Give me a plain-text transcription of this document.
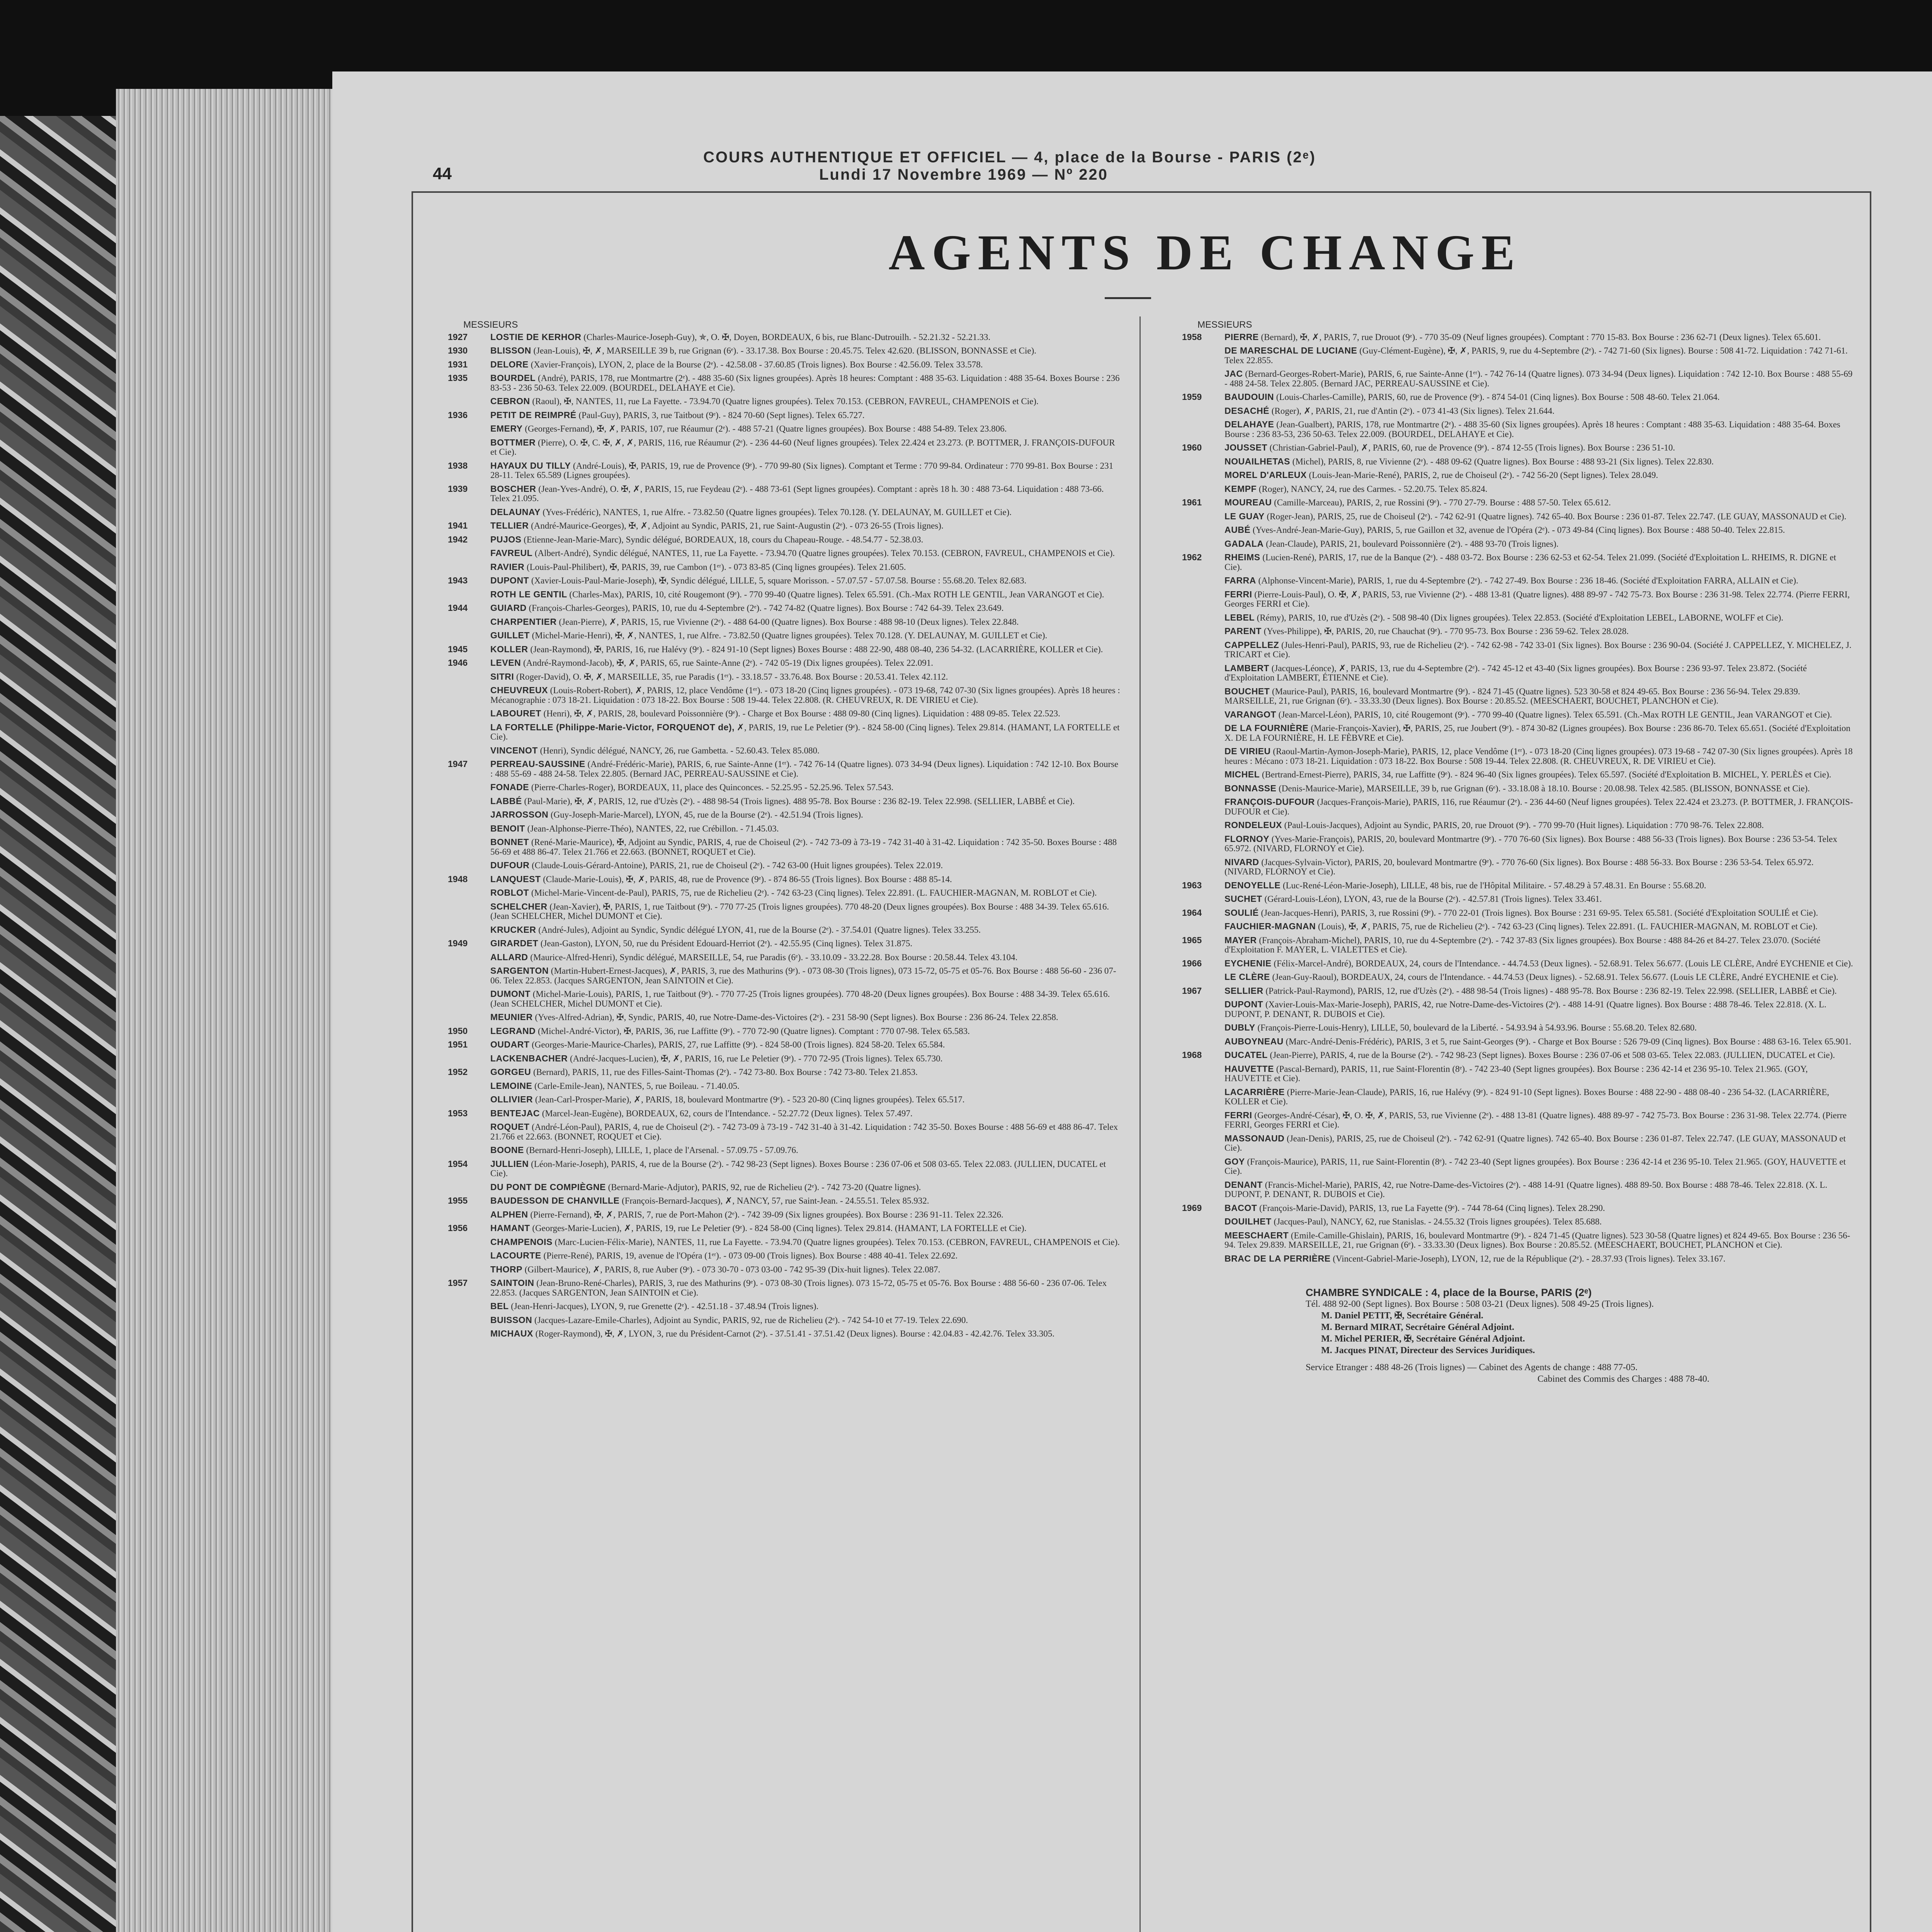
44
COURS AUTHENTIQUE ET OFFICIEL — 4, place de la Bourse - PARIS (2ᵉ)
Lundi 17 Novembre 1969 — Nº 220
AGENTS DE CHANGE
MESSIEURS
1927	LOSTIE DE KERHOR (Charles-Maurice-Joseph-Guy), ✯, O. ✠, Doyen, BORDEAUX, 6 bis, rue Blanc-Dutrouilh. - 52.21.32 - 52.21.33.
1930	BLISSON (Jean-Louis), ✠, ✗, MARSEILLE 39 b, rue Grignan (6ᵉ). - 33.17.38. Box Bourse : 20.45.75. Telex 42.620. (BLISSON, BONNASSE et Cie).
1931	DELORE (Xavier-François), LYON, 2, place de la Bourse (2ᵉ). - 42.58.08 - 37.60.85 (Trois lignes). Box Bourse : 42.56.09. Telex 33.578.
1935	BOURDEL (André), PARIS, 178, rue Montmartre (2ᵉ). - 488 35-60 (Six lignes groupées). Après 18 heures: Comptant : 488 35-63. Liquidation : 488 35-64. Boxes Bourse : 236 83-53 - 236 50-63. Telex 22.009. (BOURDEL, DELAHAYE et Cie).
CEBRON (Raoul), ✠, NANTES, 11, rue La Fayette. - 73.94.70 (Quatre lignes groupées). Telex 70.153. (CEBRON, FAVREUL, CHAMPENOIS et Cie).
1936	PETIT DE REIMPRÉ (Paul-Guy), PARIS, 3, rue Taitbout (9ᵉ). - 824 70-60 (Sept lignes). Telex 65.727.
EMERY (Georges-Fernand), ✠, ✗, PARIS, 107, rue Réaumur (2ᵉ). - 488 57-21 (Quatre lignes groupées). Box Bourse : 488 54-89. Telex 23.806.
BOTTMER (Pierre), O. ✠, C. ✠, ✗, ✗, PARIS, 116, rue Réaumur (2ᵉ). - 236 44-60 (Neuf lignes groupées). Telex 22.424 et 23.273. (P. BOTTMER, J. FRANÇOIS-DUFOUR et Cie).
1938	HAYAUX DU TILLY (André-Louis), ✠, PARIS, 19, rue de Provence (9ᵉ). - 770 99-80 (Six lignes). Comptant et Terme : 770 99-84. Ordinateur : 770 99-81. Box Bourse : 231 28-11. Telex 65.589 (Lignes groupées).
1939	BOSCHER (Jean-Yves-André), O. ✠, ✗, PARIS, 15, rue Feydeau (2ᵉ). - 488 73-61 (Sept lignes groupées). Comptant : après 18 h. 30 : 488 73-64. Liquidation : 488 73-66. Telex 21.095.
DELAUNAY (Yves-Frédéric), NANTES, 1, rue Alfre. - 73.82.50 (Quatre lignes groupées). Telex 70.128. (Y. DELAUNAY, M. GUILLET et Cie).
1941	TELLIER (André-Maurice-Georges), ✠, ✗, Adjoint au Syndic, PARIS, 21, rue Saint-Augustin (2ᵉ). - 073 26-55 (Trois lignes).
1942	PUJOS (Etienne-Jean-Marie-Marc), Syndic délégué, BORDEAUX, 18, cours du Chapeau-Rouge. - 48.54.77 - 52.38.03.
FAVREUL (Albert-André), Syndic délégué, NANTES, 11, rue La Fayette. - 73.94.70 (Quatre lignes groupées). Telex 70.153. (CEBRON, FAVREUL, CHAMPENOIS et Cie).
RAVIER (Louis-Paul-Philibert), ✠, PARIS, 39, rue Cambon (1ᵉʳ). - 073 83-85 (Cinq lignes groupées). Telex 21.605.
1943	DUPONT (Xavier-Louis-Paul-Marie-Joseph), ✠, Syndic délégué, LILLE, 5, square Morisson. - 57.07.57 - 57.07.58. Bourse : 55.68.20. Telex 82.683.
ROTH LE GENTIL (Charles-Max), PARIS, 10, cité Rougemont (9ᵉ). - 770 99-40 (Quatre lignes). Telex 65.591. (Ch.-Max ROTH LE GENTIL, Jean VARANGOT et Cie).
1944	GUIARD (François-Charles-Georges), PARIS, 10, rue du 4-Septembre (2ᵉ). - 742 74-82 (Quatre lignes). Box Bourse : 742 64-39. Telex 23.649.
CHARPENTIER (Jean-Pierre), ✗, PARIS, 15, rue Vivienne (2ᵉ). - 488 64-00 (Quatre lignes). Box Bourse : 488 98-10 (Deux lignes). Telex 22.848.
GUILLET (Michel-Marie-Henri), ✠, ✗, NANTES, 1, rue Alfre. - 73.82.50 (Quatre lignes groupées). Telex 70.128. (Y. DELAUNAY, M. GUILLET et Cie).
1945	KOLLER (Jean-Raymond), ✠, PARIS, 16, rue Halévy (9ᵉ). - 824 91-10 (Sept lignes) Boxes Bourse : 488 22-90, 488 08-40, 236 54-32. (LACARRIÈRE, KOLLER et Cie).
1946	LEVEN (André-Raymond-Jacob), ✠, ✗, PARIS, 65, rue Sainte-Anne (2ᵉ). - 742 05-19 (Dix lignes groupées). Telex 22.091.
SITRI (Roger-David), O. ✠, ✗, MARSEILLE, 35, rue Paradis (1ᵉʳ). - 33.18.57 - 33.76.48. Box Bourse : 20.53.41. Telex 42.112.
CHEUVREUX (Louis-Robert-Robert), ✗, PARIS, 12, place Vendôme (1ᵉʳ). - 073 18-20 (Cinq lignes groupées). - 073 19-68, 742 07-30 (Six lignes groupées). Après 18 heures : Mécanographie : 073 18-21. Liquidation : 073 18-22. Box Bourse : 508 19-44. Telex 22.808. (R. CHEUVREUX, R. DE VIRIEU et Cie).
LABOURET (Henri), ✠, ✗, PARIS, 28, boulevard Poissonnière (9ᵉ). - Charge et Box Bourse : 488 09-80 (Cinq lignes). Liquidation : 488 09-85. Telex 22.523.
LA FORTELLE (Philippe-Marie-Victor, FORQUENOT de), ✗, PARIS, 19, rue Le Peletier (9ᵉ). - 824 58-00 (Cinq lignes). Telex 29.814. (HAMANT, LA FORTELLE et Cie).
VINCENOT (Henri), Syndic délégué, NANCY, 26, rue Gambetta. - 52.60.43. Telex 85.080.
1947	PERREAU-SAUSSINE (André-Frédéric-Marie), PARIS, 6, rue Sainte-Anne (1ᵉʳ). - 742 76-14 (Quatre lignes). 073 34-94 (Deux lignes). Liquidation : 742 12-10. Box Bourse : 488 55-69 - 488 24-58. Telex 22.805. (Bernard JAC, PERREAU-SAUSSINE et Cie).
FONADE (Pierre-Charles-Roger), BORDEAUX, 11, place des Quinconces. - 52.25.95 - 52.25.96. Telex 57.543.
LABBÉ (Paul-Marie), ✠, ✗, PARIS, 12, rue d'Uzès (2ᵉ). - 488 98-54 (Trois lignes). 488 95-78. Box Bourse : 236 82-19. Telex 22.998. (SELLIER, LABBÉ et Cie).
JARROSSON (Guy-Joseph-Marie-Marcel), LYON, 45, rue de la Bourse (2ᵉ). - 42.51.94 (Trois lignes).
BENOIT (Jean-Alphonse-Pierre-Théo), NANTES, 22, rue Crébillon. - 71.45.03.
BONNET (René-Marie-Maurice), ✠, Adjoint au Syndic, PARIS, 4, rue de Choiseul (2ᵉ). - 742 73-09 à 73-19 - 742 31-40 à 31-42. Liquidation : 742 35-50. Boxes Bourse : 488 56-69 et 488 86-47. Telex 21.766 et 22.663. (BONNET, ROQUET et Cie).
DUFOUR (Claude-Louis-Gérard-Antoine), PARIS, 21, rue de Choiseul (2ᵉ). - 742 63-00 (Huit lignes groupées). Telex 22.019.
1948	LANQUEST (Claude-Marie-Louis), ✠, ✗, PARIS, 48, rue de Provence (9ᵉ). - 874 86-55 (Trois lignes). Box Bourse : 488 85-14.
ROBLOT (Michel-Marie-Vincent-de-Paul), PARIS, 75, rue de Richelieu (2ᵉ). - 742 63-23 (Cinq lignes). Telex 22.891. (L. FAUCHIER-MAGNAN, M. ROBLOT et Cie).
SCHELCHER (Jean-Xavier), ✠, PARIS, 1, rue Taitbout (9ᵉ). - 770 77-25 (Trois lignes groupées). 770 48-20 (Deux lignes groupées). Box Bourse : 488 34-39. Telex 65.616. (Jean SCHELCHER, Michel DUMONT et Cie).
KRUCKER (André-Jules), Adjoint au Syndic, Syndic délégué LYON, 41, rue de la Bourse (2ᵉ). - 37.54.01 (Quatre lignes). Telex 33.255.
1949	GIRARDET (Jean-Gaston), LYON, 50, rue du Président Edouard-Herriot (2ᵉ). - 42.55.95 (Cinq lignes). Telex 31.875.
ALLARD (Maurice-Alfred-Henri), Syndic délégué, MARSEILLE, 54, rue Paradis (6ᵉ). - 33.10.09 - 33.22.28. Box Bourse : 20.58.44. Telex 43.104.
SARGENTON (Martin-Hubert-Ernest-Jacques), ✗, PARIS, 3, rue des Mathurins (9ᵉ). - 073 08-30 (Trois lignes), 073 15-72, 05-75 et 05-76. Box Bourse : 488 56-60 - 236 07-06. Telex 22.853. (Jacques SARGENTON, Jean SAINTOIN et Cie).
DUMONT (Michel-Marie-Louis), PARIS, 1, rue Taitbout (9ᵉ). - 770 77-25 (Trois lignes groupées). 770 48-20 (Deux lignes groupées). Box Bourse : 488 34-39. Telex 65.616. (Jean SCHELCHER, Michel DUMONT et Cie).
MEUNIER (Yves-Alfred-Adrian), ✠, Syndic, PARIS, 40, rue Notre-Dame-des-Victoires (2ᵉ). - 231 58-90 (Sept lignes). Box Bourse : 236 86-24. Telex 22.858.
1950	LEGRAND (Michel-André-Victor), ✠, PARIS, 36, rue Laffitte (9ᵉ). - 770 72-90 (Quatre lignes). Comptant : 770 07-98. Telex 65.583.
1951	OUDART (Georges-Marie-Maurice-Charles), PARIS, 27, rue Laffitte (9ᵉ). - 824 58-00 (Trois lignes). 824 58-20. Telex 65.584.
LACKENBACHER (André-Jacques-Lucien), ✠, ✗, PARIS, 16, rue Le Peletier (9ᵉ). - 770 72-95 (Trois lignes). Telex 65.730.
1952	GORGEU (Bernard), PARIS, 11, rue des Filles-Saint-Thomas (2ᵉ). - 742 73-80. Box Bourse : 742 73-80. Telex 21.853.
LEMOINE (Carle-Emile-Jean), NANTES, 5, rue Boileau. - 71.40.05.
OLLIVIER (Jean-Carl-Prosper-Marie), ✗, PARIS, 18, boulevard Montmartre (9ᵉ). - 523 20-80 (Cinq lignes groupées). Telex 65.517.
1953	BENTEJAC (Marcel-Jean-Eugène), BORDEAUX, 62, cours de l'Intendance. - 52.27.72 (Deux lignes). Telex 57.497.
ROQUET (André-Léon-Paul), PARIS, 4, rue de Choiseul (2ᵉ). - 742 73-09 à 73-19 - 742 31-40 à 31-42. Liquidation : 742 35-50. Boxes Bourse : 488 56-69 et 488 86-47. Telex 21.766 et 22.663. (BONNET, ROQUET et Cie).
BOONE (Bernard-Henri-Joseph), LILLE, 1, place de l'Arsenal. - 57.09.75 - 57.09.76.
1954	JULLIEN (Léon-Marie-Joseph), PARIS, 4, rue de la Bourse (2ᵉ). - 742 98-23 (Sept lignes). Boxes Bourse : 236 07-06 et 508 03-65. Telex 22.083. (JULLIEN, DUCATEL et Cie).
DU PONT DE COMPIÈGNE (Bernard-Marie-Adjutor), PARIS, 92, rue de Richelieu (2ᵉ). - 742 73-20 (Quatre lignes).
1955	BAUDESSON DE CHANVILLE (François-Bernard-Jacques), ✗, NANCY, 57, rue Saint-Jean. - 24.55.51. Telex 85.932.
ALPHEN (Pierre-Fernand), ✠, ✗, PARIS, 7, rue de Port-Mahon (2ᵉ). - 742 39-09 (Six lignes groupées). Box Bourse : 236 91-11. Telex 22.326.
1956	HAMANT (Georges-Marie-Lucien), ✗, PARIS, 19, rue Le Peletier (9ᵉ). - 824 58-00 (Cinq lignes). Telex 29.814. (HAMANT, LA FORTELLE et Cie).
CHAMPENOIS (Marc-Lucien-Félix-Marie), NANTES, 11, rue La Fayette. - 73.94.70 (Quatre lignes groupées). Telex 70.153. (CEBRON, FAVREUL, CHAMPENOIS et Cie).
LACOURTE (Pierre-René), PARIS, 19, avenue de l'Opéra (1ᵉʳ). - 073 09-00 (Trois lignes). Box Bourse : 488 40-41. Telex 22.692.
THORP (Gilbert-Maurice), ✗, PARIS, 8, rue Auber (9ᵉ). - 073 30-70 - 073 03-00 - 742 95-39 (Dix-huit lignes). Telex 22.087.
1957	SAINTOIN (Jean-Bruno-René-Charles), PARIS, 3, rue des Mathurins (9ᵉ). - 073 08-30 (Trois lignes). 073 15-72, 05-75 et 05-76. Box Bourse : 488 56-60 - 236 07-06. Telex 22.853. (Jacques SARGENTON, Jean SAINTOIN et Cie).
BEL (Jean-Henri-Jacques), LYON, 9, rue Grenette (2ᵉ). - 42.51.18 - 37.48.94 (Trois lignes).
BUISSON (Jacques-Lazare-Emile-Charles), Adjoint au Syndic, PARIS, 92, rue de Richelieu (2ᵉ). - 742 54-10 et 77-19. Telex 22.690.
MICHAUX (Roger-Raymond), ✠, ✗, LYON, 3, rue du Président-Carnot (2ᵉ). - 37.51.41 - 37.51.42 (Deux lignes). Bourse : 42.04.83 - 42.42.76. Telex 33.305.
MESSIEURS
1958	PIERRE (Bernard), ✠, ✗, PARIS, 7, rue Drouot (9ᵉ). - 770 35-09 (Neuf lignes groupées). Comptant : 770 15-83. Box Bourse : 236 62-71 (Deux lignes). Telex 65.601.
DE MARESCHAL DE LUCIANE (Guy-Clément-Eugène), ✠, ✗, PARIS, 9, rue du 4-Septembre (2ᵉ). - 742 71-60 (Six lignes). Bourse : 508 41-72. Liquidation : 742 71-61. Telex 22.855.
JAC (Bernard-Georges-Robert-Marie), PARIS, 6, rue Sainte-Anne (1ᵉʳ). - 742 76-14 (Quatre lignes). 073 34-94 (Deux lignes). Liquidation : 742 12-10. Box Bourse : 488 55-69 - 488 24-58. Telex 22.805. (Bernard JAC, PERREAU-SAUSSINE et Cie).
1959	BAUDOUIN (Louis-Charles-Camille), PARIS, 60, rue de Provence (9ᵉ). - 874 54-01 (Cinq lignes). Box Bourse : 508 48-60. Telex 21.064.
DESACHÉ (Roger), ✗, PARIS, 21, rue d'Antin (2ᵉ). - 073 41-43 (Six lignes). Telex 21.644.
DELAHAYE (Jean-Gualbert), PARIS, 178, rue Montmartre (2ᵉ). - 488 35-60 (Six lignes groupées). Après 18 heures : Comptant : 488 35-63. Liquidation : 488 35-64. Boxes Bourse : 236 83-53, 236 50-63. Telex 22.009. (BOURDEL, DELAHAYE et Cie).
1960	JOUSSET (Christian-Gabriel-Paul), ✗, PARIS, 60, rue de Provence (9ᵉ). - 874 12-55 (Trois lignes). Box Bourse : 236 51-10.
NOUAILHETAS (Michel), PARIS, 8, rue Vivienne (2ᵉ). - 488 09-62 (Quatre lignes). Box Bourse : 488 93-21 (Six lignes). Telex 22.830.
MOREL D'ARLEUX (Louis-Jean-Marie-René), PARIS, 2, rue de Choiseul (2ᵉ). - 742 56-20 (Sept lignes). Telex 28.049.
KEMPF (Roger), NANCY, 24, rue des Carmes. - 52.20.75. Telex 85.824.
1961	MOUREAU (Camille-Marceau), PARIS, 2, rue Rossini (9ᵉ). - 770 27-79. Bourse : 488 57-50. Telex 65.612.
LE GUAY (Roger-Jean), PARIS, 25, rue de Choiseul (2ᵉ). - 742 62-91 (Quatre lignes). 742 65-40. Box Bourse : 236 01-87. Telex 22.747. (LE GUAY, MASSONAUD et Cie).
AUBÉ (Yves-André-Jean-Marie-Guy), PARIS, 5, rue Gaillon et 32, avenue de l'Opéra (2ᵉ). - 073 49-84 (Cinq lignes). Box Bourse : 488 50-40. Telex 22.815.
GADALA (Jean-Claude), PARIS, 21, boulevard Poissonnière (2ᵉ). - 488 93-70 (Trois lignes).
1962	RHEIMS (Lucien-René), PARIS, 17, rue de la Banque (2ᵉ). - 488 03-72. Box Bourse : 236 62-53 et 62-54. Telex 21.099. (Société d'Exploitation L. RHEIMS, R. DIGNE et Cie).
FARRA (Alphonse-Vincent-Marie), PARIS, 1, rue du 4-Septembre (2ᵉ). - 742 27-49. Box Bourse : 236 18-46. (Société d'Exploitation FARRA, ALLAIN et Cie).
FERRI (Pierre-Louis-Paul), O. ✠, ✗, PARIS, 53, rue Vivienne (2ᵉ). - 488 13-81 (Quatre lignes). 488 89-97 - 742 75-73. Box Bourse : 236 31-98. Telex 22.774. (Pierre FERRI, Georges FERRI et Cie).
LEBEL (Rémy), PARIS, 10, rue d'Uzès (2ᵉ). - 508 98-40 (Dix lignes groupées). Telex 22.853. (Société d'Exploitation LEBEL, LABORNE, WOLFF et Cie).
PARENT (Yves-Philippe), ✠, PARIS, 20, rue Chauchat (9ᵉ). - 770 95-73. Box Bourse : 236 59-62. Telex 28.028.
CAPPELLEZ (Jules-Henri-Paul), PARIS, 93, rue de Richelieu (2ᵉ). - 742 62-98 - 742 33-01 (Six lignes). Box Bourse : 236 90-04. (Société J. CAPPELLEZ, Y. MICHELEZ, J. TRICART et Cie).
LAMBERT (Jacques-Léonce), ✗, PARIS, 13, rue du 4-Septembre (2ᵉ). - 742 45-12 et 43-40 (Six lignes groupées). Box Bourse : 236 93-97. Telex 23.872. (Société d'Exploitation LAMBERT, ÉTIENNE et Cie).
BOUCHET (Maurice-Paul), PARIS, 16, boulevard Montmartre (9ᵉ). - 824 71-45 (Quatre lignes). 523 30-58 et 824 49-65. Box Bourse : 236 56-94. Telex 29.839. MARSEILLE, 21, rue Grignan (6ᵉ). - 33.33.30 (Deux lignes). Box Bourse : 20.85.52. (MEESCHAERT, BOUCHET, PLANCHON et Cie).
VARANGOT (Jean-Marcel-Léon), PARIS, 10, cité Rougemont (9ᵉ). - 770 99-40 (Quatre lignes). Telex 65.591. (Ch.-Max ROTH LE GENTIL, Jean VARANGOT et Cie).
DE LA FOURNIÈRE (Marie-François-Xavier), ✠, PARIS, 25, rue Joubert (9ᵉ). - 874 30-82 (Lignes groupées). Box Bourse : 236 86-70. Telex 65.651. (Société d'Exploitation X. DE LA FOURNIÈRE, H. LE FÈBVRE et Cie).
DE VIRIEU (Raoul-Martin-Aymon-Joseph-Marie), PARIS, 12, place Vendôme (1ᵉʳ). - 073 18-20 (Cinq lignes groupées). 073 19-68 - 742 07-30 (Six lignes groupées). Après 18 heures : Mécano : 073 18-21. Liquidation : 073 18-22. Box Bourse : 508 19-44. Telex 22.808. (R. CHEUVREUX, R. DE VIRIEU et Cie).
MICHEL (Bertrand-Ernest-Pierre), PARIS, 34, rue Laffitte (9ᵉ). - 824 96-40 (Six lignes groupées). Telex 65.597. (Société d'Exploitation B. MICHEL, Y. PERLÈS et Cie).
BONNASSE (Denis-Maurice-Marie), MARSEILLE, 39 b, rue Grignan (6ᵉ). - 33.18.08 à 18.10. Bourse : 20.08.98. Telex 42.585. (BLISSON, BONNASSE et Cie).
FRANÇOIS-DUFOUR (Jacques-François-Marie), PARIS, 116, rue Réaumur (2ᵉ). - 236 44-60 (Neuf lignes groupées). Telex 22.424 et 23.273. (P. BOTTMER, J. FRANÇOIS-DUFOUR et Cie).
RONDELEUX (Paul-Louis-Jacques), Adjoint au Syndic, PARIS, 20, rue Drouot (9ᵉ). - 770 99-70 (Huit lignes). Liquidation : 770 98-76. Telex 22.808.
FLORNOY (Yves-Marie-François), PARIS, 20, boulevard Montmartre (9ᵉ). - 770 76-60 (Six lignes). Box Bourse : 488 56-33 (Trois lignes). Box Bourse : 236 53-54. Telex 65.972. (NIVARD, FLORNOY et Cie).
NIVARD (Jacques-Sylvain-Victor), PARIS, 20, boulevard Montmartre (9ᵉ). - 770 76-60 (Six lignes). Box Bourse : 488 56-33. Box Bourse : 236 53-54. Telex 65.972. (NIVARD, FLORNOY et Cie).
1963	DENOYELLE (Luc-René-Léon-Marie-Joseph), LILLE, 48 bis, rue de l'Hôpital Militaire. - 57.48.29 à 57.48.31. En Bourse : 55.68.20.
SUCHET (Gérard-Louis-Léon), LYON, 43, rue de la Bourse (2ᵉ). - 42.57.81 (Trois lignes). Telex 33.461.
1964	SOULIÉ (Jean-Jacques-Henri), PARIS, 3, rue Rossini (9ᵉ). - 770 22-01 (Trois lignes). Box Bourse : 231 69-95. Telex 65.581. (Société d'Exploitation SOULIÉ et Cie).
FAUCHIER-MAGNAN (Louis), ✠, ✗, PARIS, 75, rue de Richelieu (2ᵉ). - 742 63-23 (Cinq lignes). Telex 22.891. (L. FAUCHIER-MAGNAN, M. ROBLOT et Cie).
1965	MAYER (François-Abraham-Michel), PARIS, 10, rue du 4-Septembre (2ᵉ). - 742 37-83 (Six lignes groupées). Box Bourse : 488 84-26 et 84-27. Telex 23.070. (Société d'Exploitation F. MAYER, L. VIALETTES et Cie).
1966	EYCHENIE (Félix-Marcel-André), BORDEAUX, 24, cours de l'Intendance. - 44.74.53 (Deux lignes). - 52.68.91. Telex 56.677. (Louis LE CLÈRE, André EYCHENIE et Cie).
LE CLÈRE (Jean-Guy-Raoul), BORDEAUX, 24, cours de l'Intendance. - 44.74.53 (Deux lignes). - 52.68.91. Telex 56.677. (Louis LE CLÈRE, André EYCHENIE et Cie).
1967	SELLIER (Patrick-Paul-Raymond), PARIS, 12, rue d'Uzès (2ᵉ). - 488 98-54 (Trois lignes) - 488 95-78. Box Bourse : 236 82-19. Telex 22.998. (SELLIER, LABBÉ et Cie).
DUPONT (Xavier-Louis-Max-Marie-Joseph), PARIS, 42, rue Notre-Dame-des-Victoires (2ᵉ). - 488 14-91 (Quatre lignes). Box Bourse : 488 78-46. Telex 22.818. (X. L. DUPONT, P. DENANT, R. DUBOIS et Cie).
DUBLY (François-Pierre-Louis-Henry), LILLE, 50, boulevard de la Liberté. - 54.93.94 à 54.93.96. Bourse : 55.68.20. Telex 82.680.
AUBOYNEAU (Marc-André-Denis-Frédéric), PARIS, 3 et 5, rue Saint-Georges (9ᵉ). - Charge et Box Bourse : 526 79-09 (Cinq lignes). Box Bourse : 488 63-16. Telex 65.901.
1968	DUCATEL (Jean-Pierre), PARIS, 4, rue de la Bourse (2ᵉ). - 742 98-23 (Sept lignes). Boxes Bourse : 236 07-06 et 508 03-65. Telex 22.083. (JULLIEN, DUCATEL et Cie).
HAUVETTE (Pascal-Bernard), PARIS, 11, rue Saint-Florentin (8ᵉ). - 742 23-40 (Sept lignes groupées). Box Bourse : 236 42-14 et 236 95-10. Telex 21.965. (GOY, HAUVETTE et Cie).
LACARRIÈRE (Pierre-Marie-Jean-Claude), PARIS, 16, rue Halévy (9ᵉ). - 824 91-10 (Sept lignes). Boxes Bourse : 488 22-90 - 488 08-40 - 236 54-32. (LACARRIÈRE, KOLLER et Cie).
FERRI (Georges-André-César), ✠, O. ✠, ✗, PARIS, 53, rue Vivienne (2ᵉ). - 488 13-81 (Quatre lignes). 488 89-97 - 742 75-73. Box Bourse : 236 31-98. Telex 22.774. (Pierre FERRI, Georges FERRI et Cie).
MASSONAUD (Jean-Denis), PARIS, 25, rue de Choiseul (2ᵉ). - 742 62-91 (Quatre lignes). 742 65-40. Box Bourse : 236 01-87. Telex 22.747. (LE GUAY, MASSONAUD et Cie).
GOY (François-Maurice), PARIS, 11, rue Saint-Florentin (8ᵉ). - 742 23-40 (Sept lignes groupées). Box Bourse : 236 42-14 et 236 95-10. Telex 21.965. (GOY, HAUVETTE et Cie).
DENANT (Francis-Michel-Marie), PARIS, 42, rue Notre-Dame-des-Victoires (2ᵉ). - 488 14-91 (Quatre lignes). 488 89-50. Box Bourse : 488 78-46. Telex 22.818. (X. L. DUPONT, P. DENANT, R. DUBOIS et Cie).
1969	BACOT (François-Marie-David), PARIS, 13, rue La Fayette (9ᵉ). - 744 78-64 (Cinq lignes). Telex 28.290.
DOUILHET (Jacques-Paul), NANCY, 62, rue Stanislas. - 24.55.32 (Trois lignes groupées). Telex 85.688.
MEESCHAERT (Emile-Camille-Ghislain), PARIS, 16, boulevard Montmartre (9ᵉ). - 824 71-45 (Quatre lignes). 523 30-58 (Quatre lignes) et 824 49-65. Box Bourse : 236 56-94. Telex 29.839. MARSEILLE, 21, rue Grignan (6ᵉ). - 33.33.30 (Deux lignes). Box Bourse : 20.85.52. (MEESCHAERT, BOUCHET, PLANCHON et Cie).
BRAC DE LA PERRIÈRE (Vincent-Gabriel-Marie-Joseph), LYON, 12, rue de la République (2ᵉ). - 28.37.93 (Trois lignes). Telex 33.167.
CHAMBRE SYNDICALE : 4, place de la Bourse, PARIS (2ᵉ)
Tél. 488 92-00 (Sept lignes). Box Bourse : 508 03-21 (Deux lignes). 508 49-25 (Trois lignes).
M. Daniel PETIT, ✠, Secrétaire Général.
M. Bernard MIRAT, Secrétaire Général Adjoint.
M. Michel PERIER, ✠, Secrétaire Général Adjoint.
M. Jacques PINAT, Directeur des Services Juridiques.
Service Etranger : 488 48-26 (Trois lignes) — Cabinet des Agents de change : 488 77-05.
Cabinet des Commis des Charges : 488 78-40.
